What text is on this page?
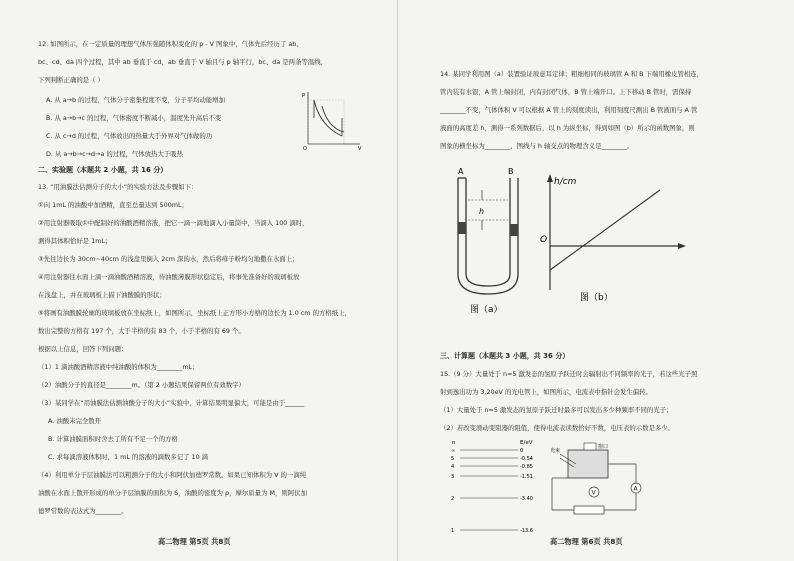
12. 如图所示，在一定质量的理想气体压强随体积变化的 p - V 图象中，气体先后经历了 ab、
bc、cd、da 四个过程，其中 ab 垂直于 cd，ab 垂直于 V 轴且与 p 轴平行，bc、da 是两条等温线，
下列判断正确的是（ ）
A. 从 a→b 的过程，气体分子密集程度不变，分子平均动能增加
B. 从 a→b→c 的过程，气体密度不断减小，温度先升高后不变
C. 从 c→d 的过程，气体放出的热量大于外界对气体做的功
D. 从 a→b→c→d→a 的过程，气体放热大于吸热
p
V
O
二、实验题（本题共 2 小题，共 16 分）
13. “用油膜法估测分子的大小”的实验方法及步骤如下：
①向 1mL 的油酸中加酒精，直至总量达到 500mL；
②用注射器吸取①中配制好的油酸酒精溶液，把它一滴一滴地滴入小量筒中，当滴入 100 滴时，
测得其体积恰好是 1mL；
③先往边长为 30cm~40cm 的浅盘里倒入 2cm 深的水，然后将痱子粉均匀地撒在水面上；
④用注射器往水面上滴一滴油酸酒精溶液，待油酸薄膜形状稳定后，将事先准备好的玻璃板放
在浅盘上，并在玻璃板上描下油酸膜的形状；
⑤将画有油酸膜轮廓的玻璃板放在坐标纸上，如图所示，坐标纸上正方形小方格的边长为 1.0 cm 的方格纸上，
数出完整的方格有 197 个，大于半格的有 83 个，小于半格的有 69 个。
根据以上信息，回答下列问题：
（1）1 滴油酸酒精溶液中纯油酸的体积为________mL；
（2）油酸分子的直径是________m。（第 2 小题结果保留两位有效数字）
（3）某同学在“用油膜法估测油酸分子的大小”实验中，计算结果明显偏大，可能是由于______
A. 油酸未完全散开
B. 计算油膜面积时舍去了所有不足一个的方格
C. 求每滴溶液体积时，1 mL 的溶液的滴数多记了 10 滴
（4）利用单分子层油膜法可以粗测分子的大小和阿伏加德罗常数。如果已知体积为 V 的一滴纯
油酸在水面上散开形成的单分子层油膜的面积为 S，油酸的密度为 ρ，摩尔质量为 M，则阿伏加
德罗常数的表达式为________。
高二物理 第5页 共8页
14. 某同学利用图（a）装置验证玻意耳定律；粗细相同的玻璃管 A 和 B 下端用橡皮管相连，
管内装有水银，A 管上端封闭，内有封闭气体，B 管上端开口。上下移动 B 管时，需保持
________不变，气体体积 V 可以根据 A 管上的刻度读出，利用刻度尺测出 B 管液面与 A 管
液面的高度差 h，测得一系列数据后，以 h 为纵坐标，得到如图（b）所示的函数图象，则
图象的横坐标为________，图线与 h 轴交点的物理含义是________。
A	B
h
图（a）
h/cm
O
图（b）
三、计算题（本题共 3 小题，共 36 分）
15.（9 分）大量处于 n=5 激发态的氢原子跃迁时会辐射出不同频率的光子，若这些光子照
射到逸出功为 3.20eV 的光电管上，如图所示，电流表中指针会发生偏转。
（1）大量处于 n=5 激发态的氢原子跃迁时最多可以发出多少种频率不同的光子；
（2）若改变滑动变阻器的阻值，使得电流表读数恰好不数，电压表的示数是多少。
n	E/eV
∞	0
5	-0.54
4	-0.85
3	-1.51
2	-3.40
1	-13.6
窗口
光束
V
A
高二物理 第6页 共8页
